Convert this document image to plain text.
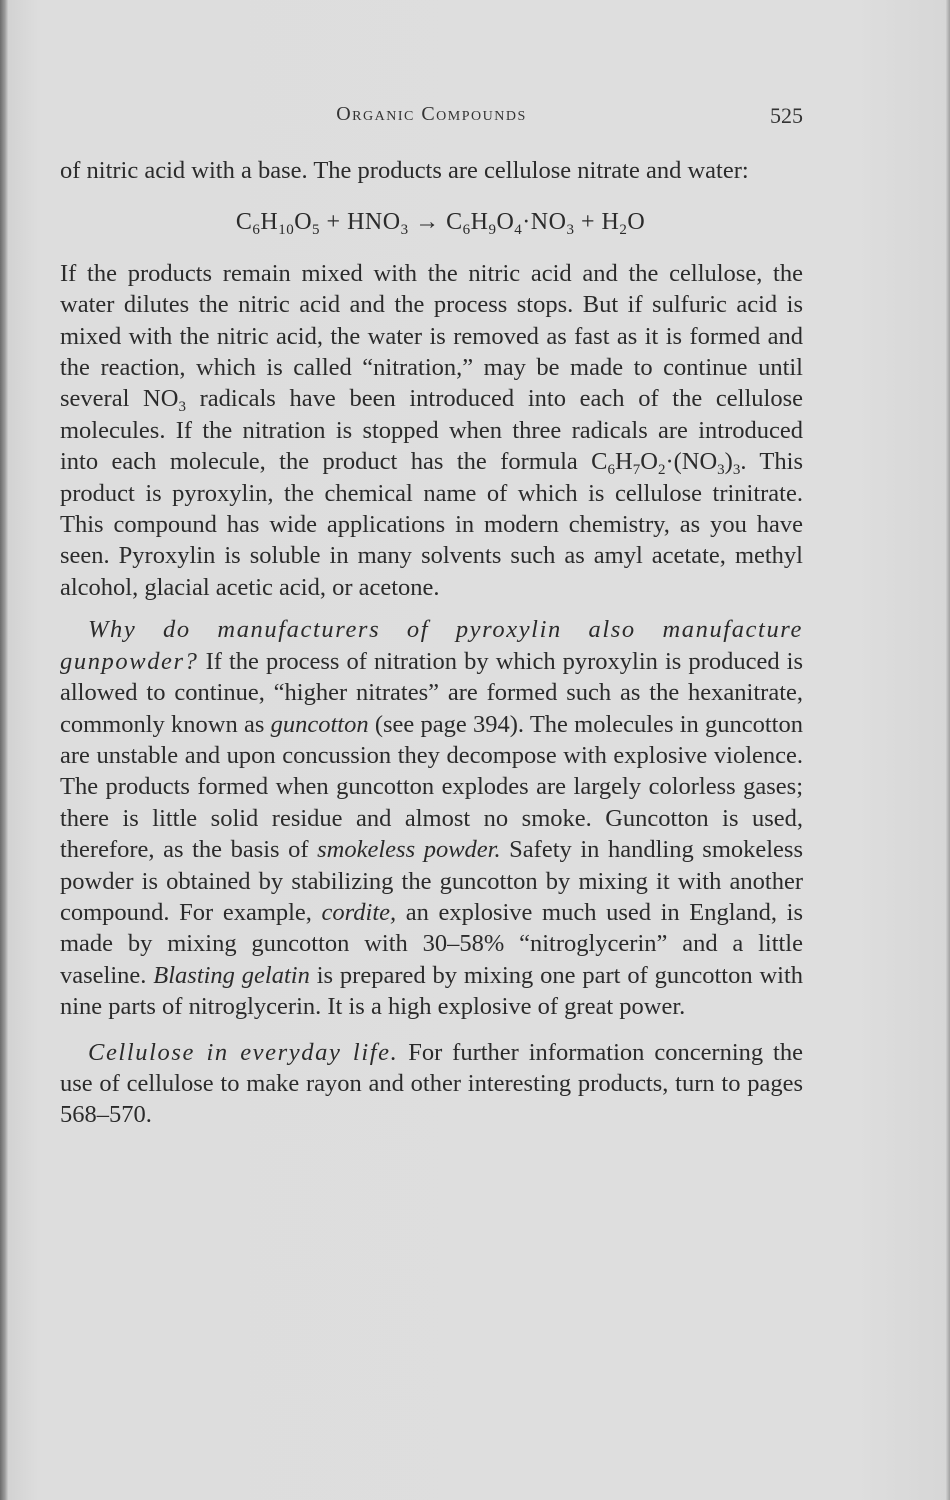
Organic Compounds	525

of nitric acid with a base. The products are cellulose nitrate and water:

$C_6H_{10}O_5 + HNO_3 \to C_6H_9O_4\cdot NO_3 + H_2O$

If the products remain mixed with the nitric acid and the cellulose, the water dilutes the nitric acid and the process stops. But if sulfuric acid is mixed with the nitric acid, the water is removed as fast as it is formed and the reaction, which is called “nitration,” may be made to continue until several $NO_3$ radicals have been introduced into each of the cellulose molecules. If the nitration is stopped when three radicals are introduced into each molecule, the product has the formula $C_6H_7O_2\cdot(NO_3)_3$. This product is pyroxylin, the chemical name of which is cellulose trinitrate. This compound has wide applications in modern chemistry, as you have seen. Pyroxylin is soluble in many solvents such as amyl acetate, methyl alcohol, glacial acetic acid, or acetone.

Why do manufacturers of pyroxylin also manufacture gunpowder? If the process of nitration by which pyroxylin is produced is allowed to continue, “higher nitrates” are formed such as the hexanitrate, commonly known as guncotton (see page 394). The molecules in guncotton are unstable and upon concussion they decompose with explosive violence. The products formed when guncotton explodes are largely colorless gases; there is little solid residue and almost no smoke. Guncotton is used, therefore, as the basis of smokeless powder. Safety in handling smokeless powder is obtained by stabilizing the guncotton by mixing it with another compound. For example, cordite, an explosive much used in England, is made by mixing guncotton with 30–58% “nitroglycerin” and a little vaseline. Blasting gelatin is prepared by mixing one part of guncotton with nine parts of nitroglycerin. It is a high explosive of great power.

Cellulose in everyday life. For further information concerning the use of cellulose to make rayon and other interesting products, turn to pages 568–570.
